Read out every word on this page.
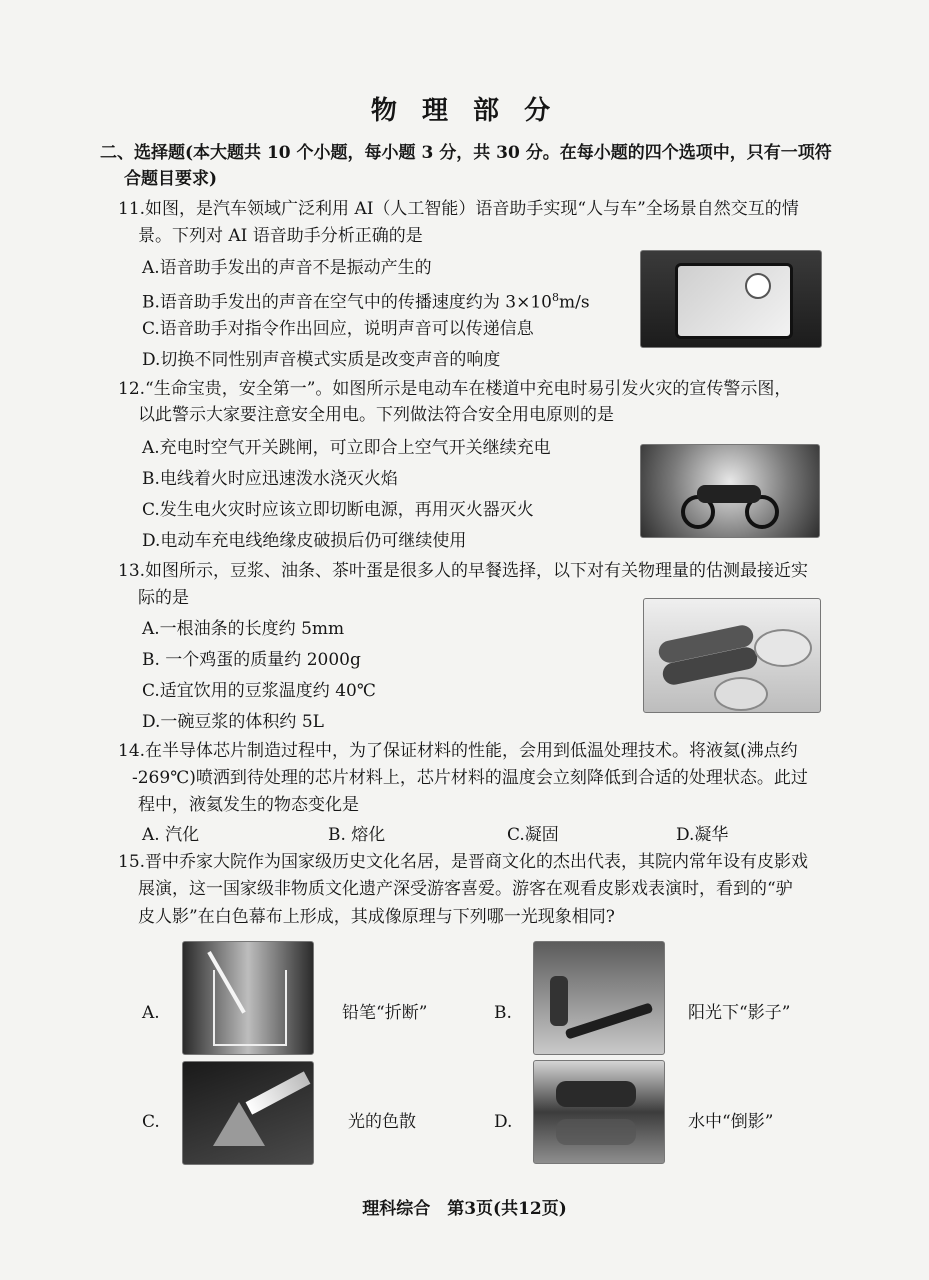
物 理 部 分
二、选择题(本大题共 10 个小题，每小题 3 分，共 30 分。在每小题的四个选项中，只有一项符
合题目要求)
11.如图，是汽车领域广泛利用 AI（人工智能）语音助手实现“人与车”全场景自然交互的情
景。下列对 AI 语音助手分析正确的是
A.语音助手发出的声音不是振动产生的
B.语音助手发出的声音在空气中的传播速度约为 $3\times 10^8m/s$
C.语音助手对指令作出回应，说明声音可以传递信息
D.切换不同性别声音模式实质是改变声音的响度
12.“生命宝贵，安全第一”。如图所示是电动车在楼道中充电时易引发火灾的宣传警示图，
以此警示大家要注意安全用电。下列做法符合安全用电原则的是
A.充电时空气开关跳闸，可立即合上空气开关继续充电
B.电线着火时应迅速泼水浇灭火焰
C.发生电火灾时应该立即切断电源，再用灭火器灭火
D.电动车充电线绝缘皮破损后仍可继续使用
13.如图所示，豆浆、油条、茶叶蛋是很多人的早餐选择，以下对有关物理量的估测最接近实
际的是
A.一根油条的长度约 5mm
B. 一个鸡蛋的质量约 2000g
C.适宜饮用的豆浆温度约 40℃
D.一碗豆浆的体积约 5L
14.在半导体芯片制造过程中，为了保证材料的性能，会用到低温处理技术。将液氦(沸点约
-269℃)喷洒到待处理的芯片材料上，芯片材料的温度会立刻降低到合适的处理状态。此过
程中，液氦发生的物态变化是
A. 汽化	B. 熔化	C.凝固	D.凝华
15.晋中乔家大院作为国家级历史文化名居，是晋商文化的杰出代表，其院内常年设有皮影戏
展演，这一国家级非物质文化遗产深受游客喜爱。游客在观看皮影戏表演时，看到的“驴
皮人影”在白色幕布上形成，其成像原理与下列哪一光现象相同?
A.	铅笔“折断”	B.	阳光下“影子”
C.	光的色散	D.	水中“倒影”
理科综合　第3页(共12页)
